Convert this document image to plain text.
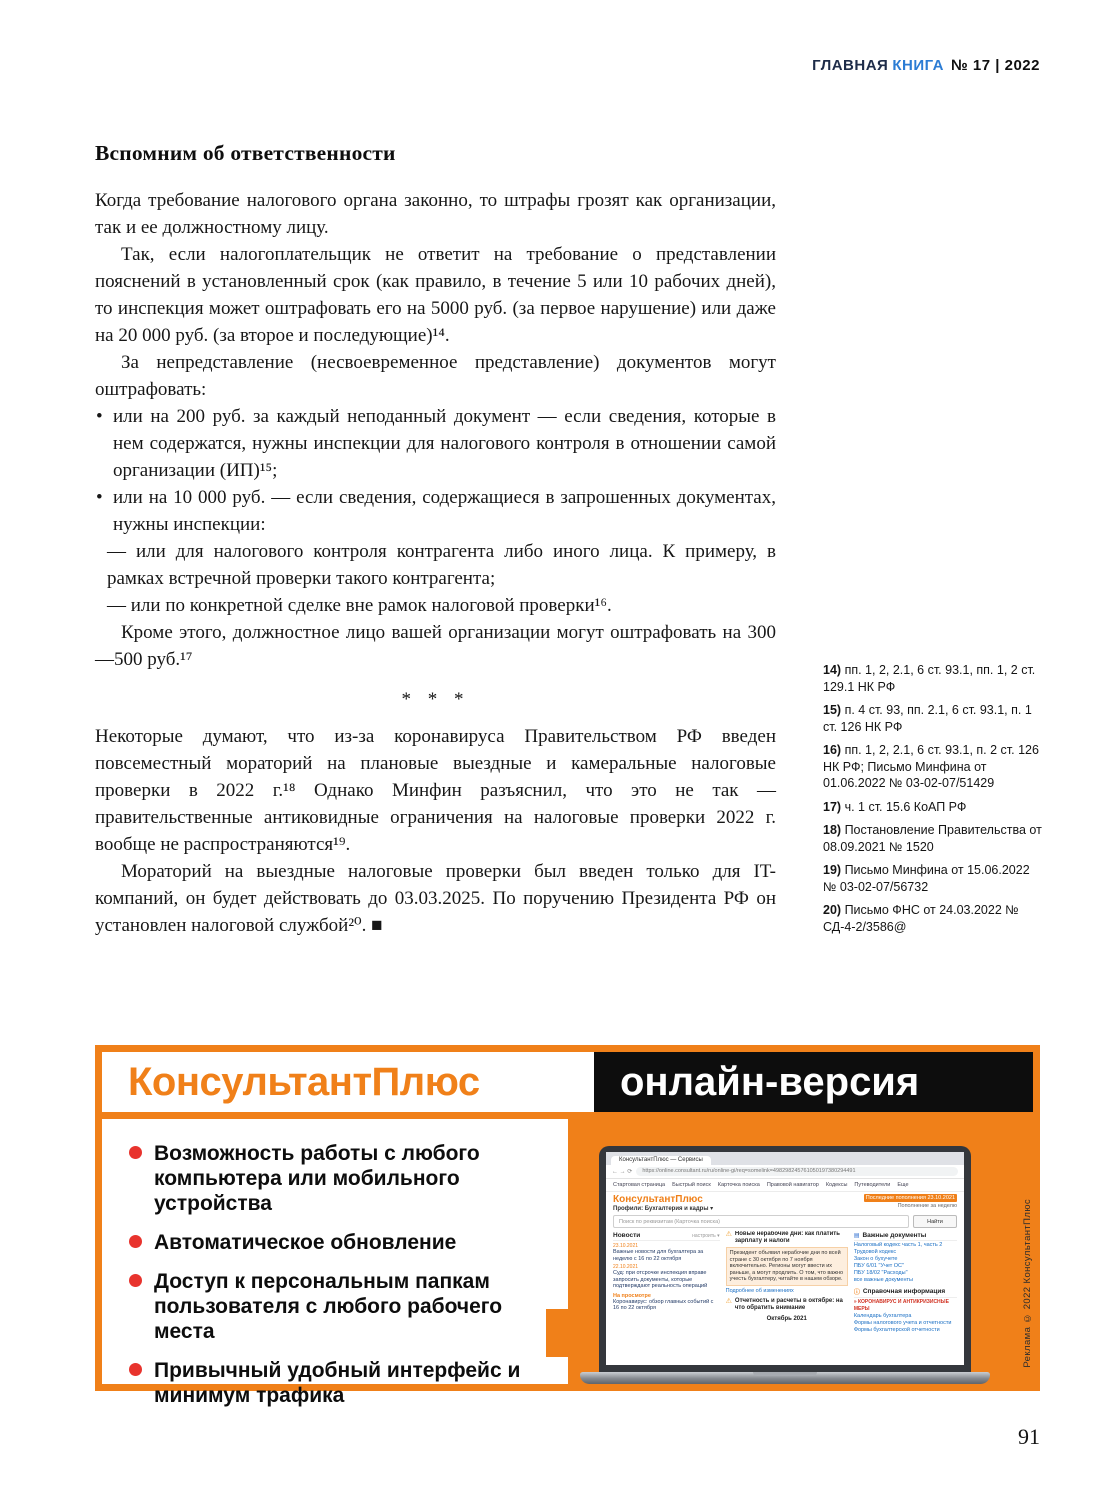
ГЛАВНАЯ КНИГА № 17 | 2022
Вспомним об ответственности

Когда требование налогового органа законно, то штрафы грозят как организации, так и ее должностному лицу.

Так, если налогоплательщик не ответит на требование о представлении пояснений в установленный срок (как правило, в течение 5 или 10 рабочих дней), то инспекция может оштрафовать его на 5000 руб. (за первое нарушение) или даже на 20 000 руб. (за второе и последующие)¹⁴.

За непредставление (несвоевременное представление) документов могут оштрафовать:

• или на 200 руб. за каждый неподанный документ — если сведения, которые в нем содержатся, нужны инспекции для налогового контроля в отношении самой организации (ИП)¹⁵;
• или на 10 000 руб. — если сведения, содержащиеся в запрошенных документах, нужны инспекции:

— или для налогового контроля контрагента либо иного лица. К примеру, в рамках встречной проверки такого контрагента;

— или по конкретной сделке вне рамок налоговой проверки¹⁶.

Кроме этого, должностное лицо вашей организации могут оштрафовать на 300—500 руб.¹⁷

* * *

Некоторые думают, что из-за коронавируса Правительством РФ введен повсеместный мораторий на плановые выездные и камеральные налоговые проверки в 2022 г.¹⁸ Однако Минфин разъяснил, что это не так — правительственные антиковидные ограничения на налоговые проверки 2022 г. вообще не распространяются¹⁹.

Мораторий на выездные налоговые проверки был введен только для IT-компаний, он будет действовать до 03.03.2025. По поручению Президента РФ он установлен налоговой службой²⁰. ■

14) пп. 1, 2, 2.1, 6 ст. 93.1, пп. 1, 2 ст. 129.1 НК РФ

15) п. 4 ст. 93, пп. 2.1, 6 ст. 93.1, п. 1 ст. 126 НК РФ

16) пп. 1, 2, 2.1, 6 ст. 93.1, п. 2 ст. 126 НК РФ; Письмо Минфина от 01.06.2022 № 03-02-07/51429

17) ч. 1 ст. 15.6 КоАП РФ

18) Постановление Правительства от 08.09.2021 № 1520

19) Письмо Минфина от 15.06.2022 № 03-02-07/56732

20) Письмо ФНС от 24.03.2022 № СД-4-2/3586@

КонсультантПлюс	онлайн-версия
Возможность работы с любого компьютера или мобильного устройства
Автоматическое обновление
Доступ к персональным папкам пользователя с любого рабочего места
Привычный удобный интерфейс и минимум трафика
КонсультантПлюс — Сервисы
← → ⟳	https://online.consultant.ru/ru/online-gi/req=somelink=498298245761050197380294491
Стартовая страница Быстрый поиск Карточка поиска Правовой навигатор Кодексы Путеводители Еще
КонсультантПлюс
Профили: Бухгалтерия и кадры ▾
Последние пополнения 23.10.2021
Пополнение за неделю
Поиск по реквизитам (Карточка поиска)	Найти
Новости	настроить ▾
23.10.2021
Важные новости для бухгалтера за неделю с 16 по 22 октября
22.10.2021
Суд: при отсрочке инспекция вправе запросить документы, которые подтверждают реальность операций
На просмотре
Коронавирус: обзор главных событий с 16 по 22 октября
⚠ Новые нерабочие дни: как платить зарплату и налоги
Президент объявил нерабочие дни по всей стране с 30 октября по 7 ноября включительно. Регионы могут ввести их раньше, а могут продлить. О том, что важно учесть бухгалтеру, читайте в нашем обзоре.
Подробнее об изменениях
⚠ Отчетность и расчеты в октябре: на что обратить внимание
Октябрь 2021
▤ Важные документы
Налоговый кодекс часть 1, часть 2
Трудовой кодекс
Закон о бухучете
ПБУ 6/01 "Учет ОС"
ПБУ 18/02 "Расходы"
все важные документы
ⓘ Справочная информация
» КОРОНАВИРУС И АНТИКРИЗИСНЫЕ МЕРЫ
Календарь бухгалтера
Формы налогового учета и отчетности
Формы бухгалтерской отчетности	Реклама © 2022 КонсультантПлюс
91
